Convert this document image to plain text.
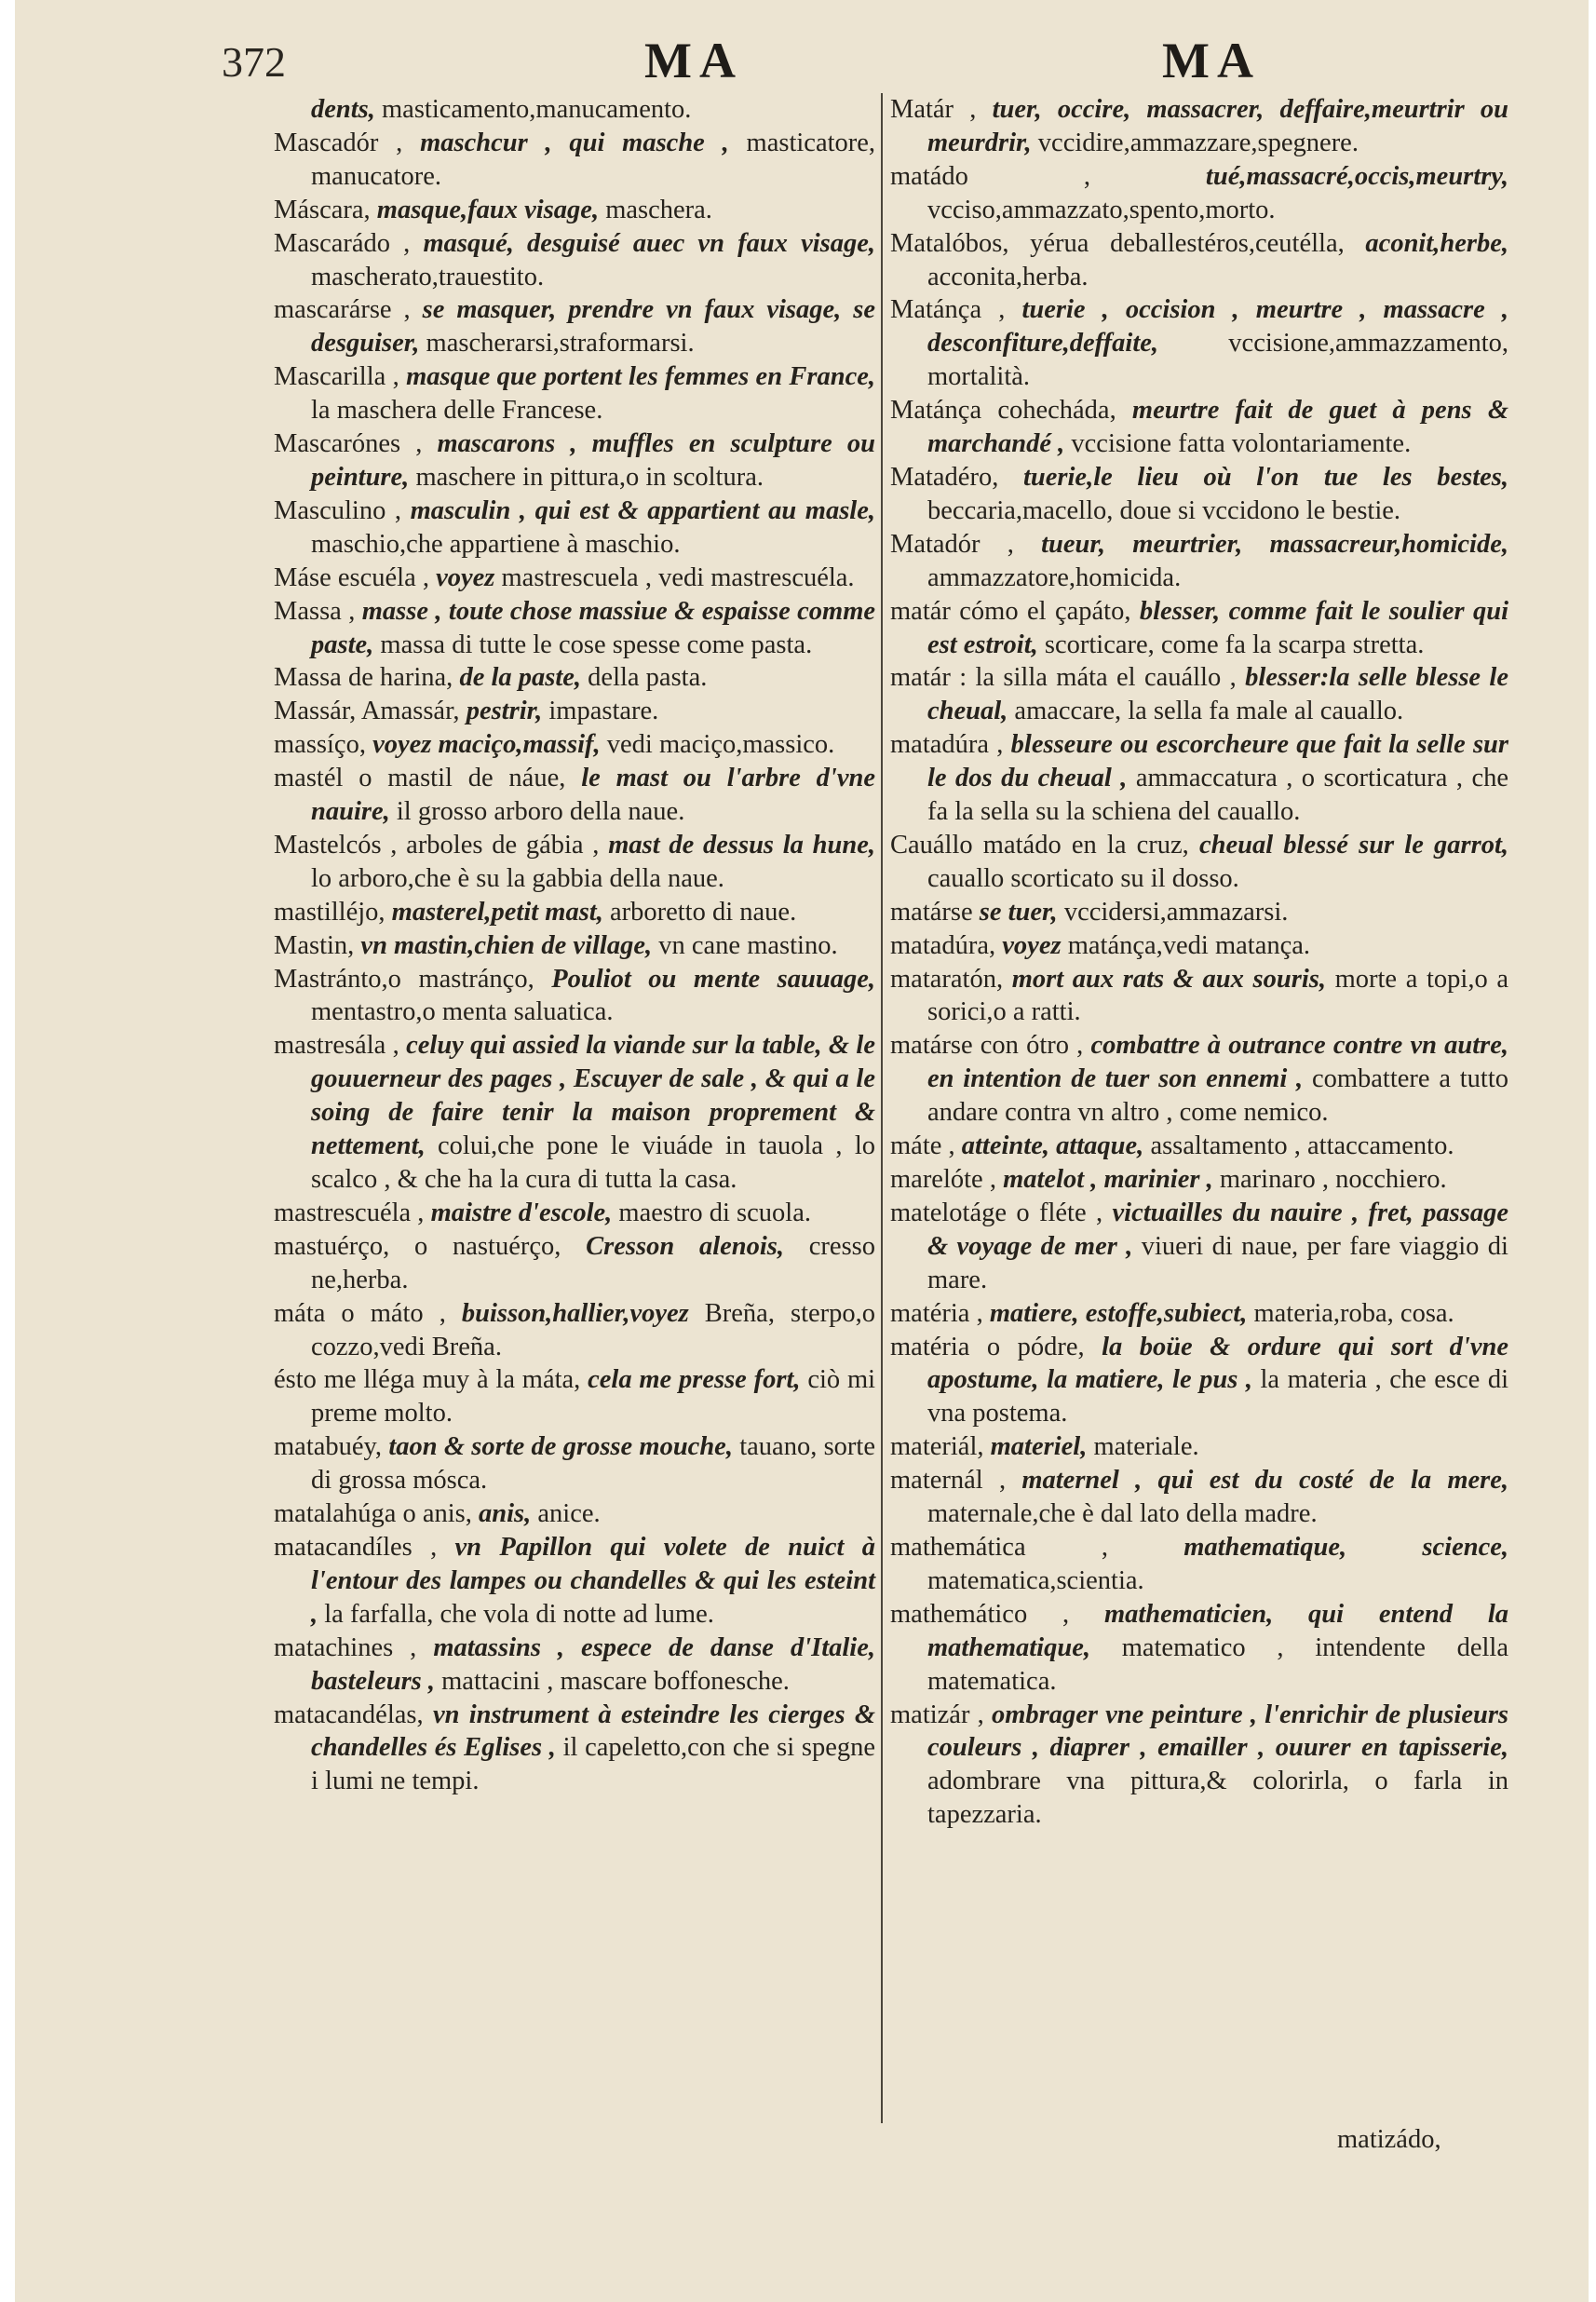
372	MA	MA

dents, masticamento,manucamento.

Mascadór , maschcur , qui masche , masticatore, manucatore.

Máscara, masque,faux visage, maschera.

Mascarádo , masqué, desguisé auec vn faux visage, mascherato,trauestito.

mascarárse , se masquer, prendre vn faux visage, se desguiser, mascherarsi,straformarsi.

Mascarilla , masque que portent les femmes en France, la maschera delle Francese.

Mascarónes , mascarons , muffles en sculpture ou peinture, maschere in pittura,o in scoltura.

Masculino , masculin , qui est & appartient au masle, maschio,che appartiene à maschio.

Máse escuéla , voyez mastrescuela , vedi mastrescuéla.

Massa , masse , toute chose massiue & espaisse comme paste, massa di tutte le cose spesse come pasta.

Massa de harina, de la paste, della pasta.

Massár, Amassár, pestrir, impastare.

massíço, voyez maciço,massif, vedi maciço,massico.

mastél o mastil de náue, le mast ou l'arbre d'vne nauire, il grosso arboro della naue.

Mastelcós , arboles de gábia , mast de dessus la hune, lo arboro,che è su la gabbia della naue.

mastilléjo, masterel,petit mast, arboretto di naue.

Mastin, vn mastin,chien de village, vn cane mastino.

Mastránto,o mastránço, Pouliot ou mente sauuage, mentastro,o menta saluatica.

mastresála , celuy qui assied la viande sur la table, & le gouuerneur des pages , Escuyer de sale , & qui a le soing de faire tenir la maison proprement & nettement, colui,che pone le viuáde in tauola , lo scalco , & che ha la cura di tutta la casa.

mastrescuéla , maistre d'escole, maestro di scuola.

mastuérço, o nastuérço, Cresson alenois, cresso ne,herba.

máta o máto , buisson,hallier,voyez Breña, sterpo,o cozzo,vedi Breña.

ésto me llégа muy à la máta, cela me presse fort, ciò mi preme molto.

matabuéy, taon & sorte de grosse mouche, tauano, sorte di grossa mósca.

matalahúga o anis, anis, anice.

matacandíles , vn Papillon qui volete de nuict à l'entour des lampes ou chandelles & qui les esteint , la farfalla, che vola di notte ad lume.

matachines , matassins , espece de danse d'Italie, basteleurs , mattacini , mascare boffonesche.

matacandélas, vn instrument à esteindre les cierges & chandelles és Eglises , il capeletto,con che si spegne i lumi ne tempi.

Matár , tuer, occire, massacrer, deffaire,meurtrir ou meurdrir, vccidire,ammazzare,spegnere.

matádo ,	tué,massacré,occis,meurtry, vcciso,ammazzato,spento,morto.

Matalóbos, yérua deballestéros,ceutélla, aconit,herbe, acconita,herba.

Matánça , tuerie , occision , meurtre , massacre , desconfiture,deffaite,	vccisione,ammazzamento, mortalità.

Matánça cohechádа, meurtre fait de guet à pens & marchandé , vccisione fatta volontariamente.

Matadéro, tuerie,le lieu où l'on tue les bestes, beccaria,macello, doue si vccidono le bestie.

Matadór , tueur, meurtrier, massacreur,homicide, ammazzatore,homicida.

matár cómo el çapáto, blesser, comme fait le soulier qui est estroit, scorticare, come fa la scarpa stretta.

matár : la silla máta el cauállo , blesser:la selle blesse le cheual, amaccare, la sella fa male al cauallo.

matadúra , blesseure ou escorcheure que fait la selle sur le dos du cheual , ammaccatura , o scorticatura , che fa la sella su la schiena del cauallo.

Cauállo matádo en la cruz, cheual blessé sur le garrot, cauallo scorticato su il dosso.

matárse se tuer, vccidersi,ammazarsi.

matadúra, voyez matánça,vedi matança.

mataratón, mort aux rats & aux souris, morte a topi,o a sorici,o a ratti.

matárse con ótro , combattre à outrance contre vn autre, en intention de tuer son ennemi , combattere a tutto andare contra vn altro , come nemico.

máte , atteinte, attaque, assaltamento , attaccamento.

marelóte , matelot , marinier , marinaro , nocchiero.

matelotáge o fléte , victuailles du nauire , fret, passage & voyage de mer , viueri di naue, per fare viaggio di mare.

matéria , matiere, estoffe,subiect, materia,roba, cosa.

matéria o pódre, la boüe & ordure qui sort d'vne apostume, la matiere, le pus , la materia , che esce di vna postema.

materiál, materiel, materiale.

maternál , maternel , qui est du costé de la mere, maternale,che è dal lato della madre.

mathemática ,	mathematique, science, matematica,scientia.

mathemático , mathematicien, qui entend la mathematique, matematico , intendente della matematica.

matizár , ombrager vne peinture , l'enrichir de plusieurs couleurs , diaprer , emailler , ouurer en tapisserie, adombrare vna pittura,& colorirla, o farla in tapezzaria.

matizádo,
